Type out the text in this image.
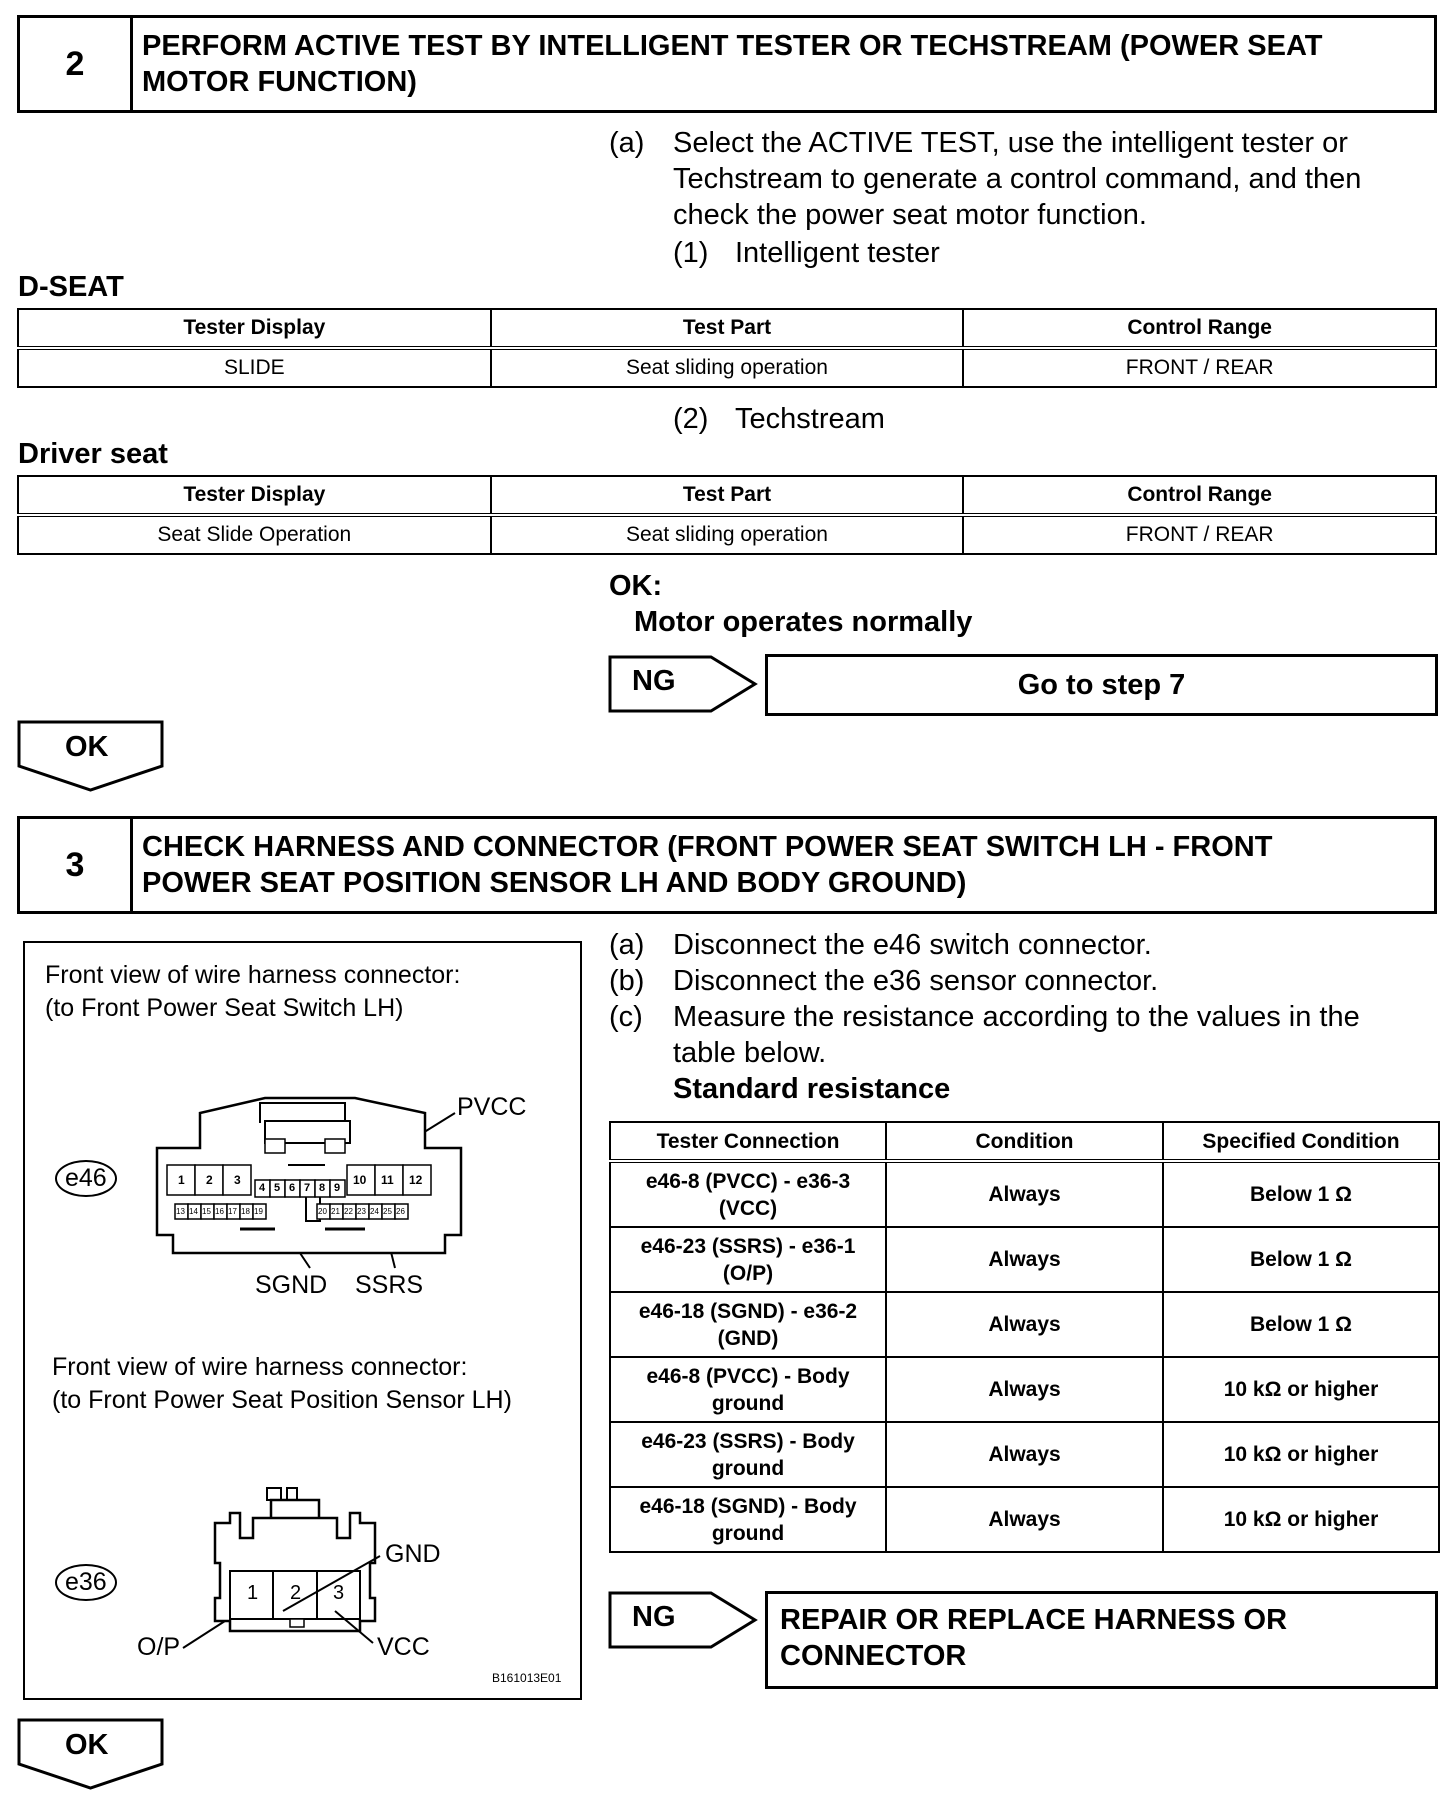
2	PERFORM ACTIVE TEST BY INTELLIGENT TESTER OR TECHSTREAM (POWER SEAT
MOTOR FUNCTION)
(a) Select the ACTIVE TEST, use the intelligent tester or
Techstream to generate a control command, and then
check the power seat motor function.
(1) Intelligent tester
D-SEAT
Tester Display	Test Part	Control Range
SLIDE	Seat sliding operation	FRONT / REAR
(2) Techstream
Driver seat
Tester Display	Test Part	Control Range
Seat Slide Operation	Seat sliding operation	FRONT / REAR
OK:
Motor operates normally
NG	Go to step 7
OK
3	CHECK HARNESS AND CONNECTOR (FRONT POWER SEAT SWITCH LH - FRONT
POWER SEAT POSITION SENSOR LH AND BODY GROUND)
(a) Disconnect the e46 switch connector.
(b) Disconnect the e36 sensor connector.
(c) Measure the resistance according to the values in the
table below.
Standard resistance
Tester Connection	Condition	Specified Condition

e46-8 (PVCC) - e36-3
(VCC)	Always	Below 1 Ω

e46-23 (SSRS) - e36-1
(O/P)	Always	Below 1 Ω

e46-18 (SGND) - e36-2
(GND)	Always	Below 1 Ω

e46-8 (PVCC) - Body
ground	Always	10 kΩ or higher

e46-23 (SSRS) - Body
ground	Always	10 kΩ or higher

e46-18 (SGND) - Body
ground	Always	10 kΩ or higher
NG	REPAIR OR REPLACE HARNESS OR
CONNECTOR
OK
Front view of wire harness connector:
(to Front Power Seat Switch LH)
e46
PVCC
SGND SSRS
1 2 3	10 11 12
4 5 6 7 8 9
13 14 15 16 17 18 19	20 21 22 23 24 25 26
Front view of wire harness connector:
(to Front Power Seat Position Sensor LH)
e36	1 2 3
GND
O/P	VCC
B161013E01
